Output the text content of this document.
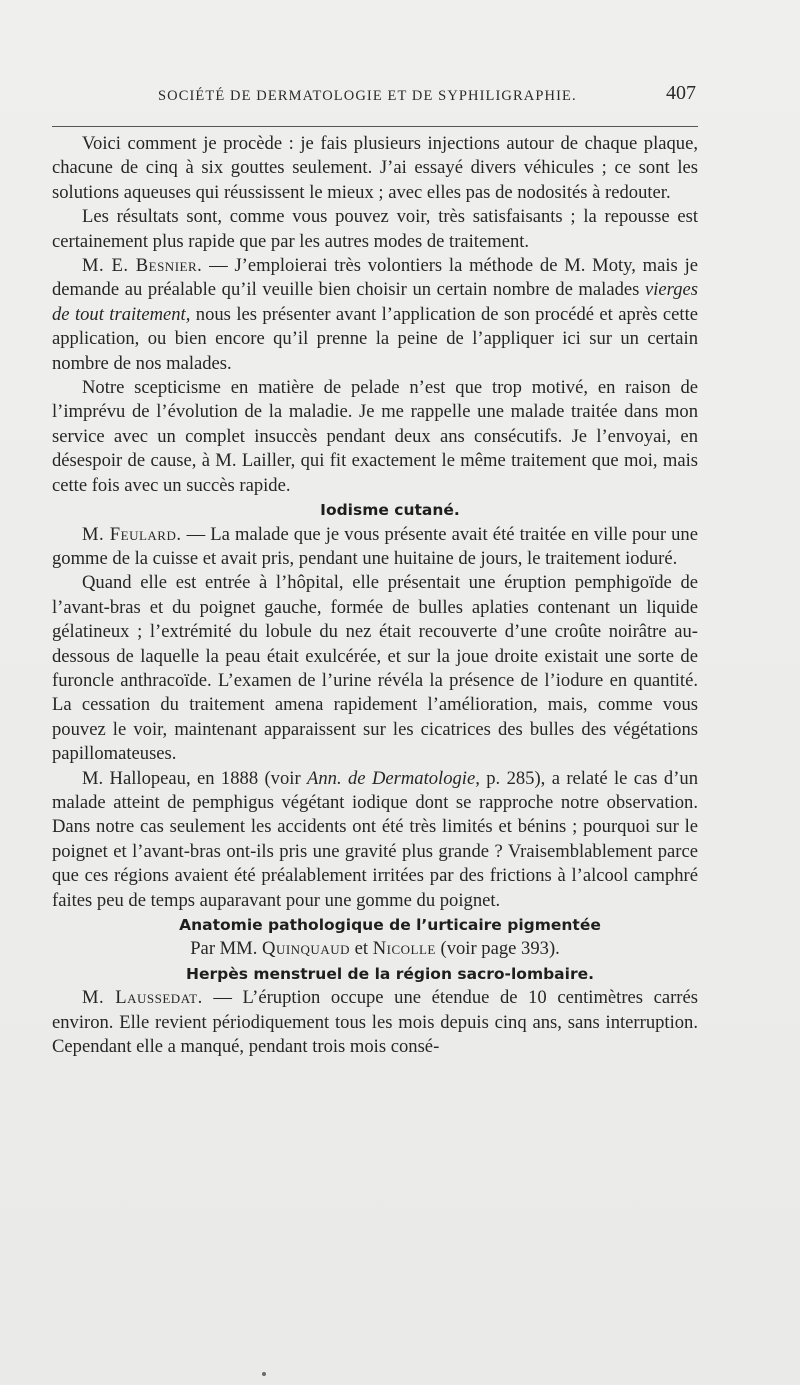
SOCIÉTÉ DE DERMATOLOGIE ET DE SYPHILIGRAPHIE.	407

Voici comment je procède : je fais plusieurs injections autour de chaque plaque, chacune de cinq à six gouttes seulement. J’ai essayé divers véhicules ; ce sont les solutions aqueuses qui réussissent le mieux ; avec elles pas de nodosités à redouter.

Les résultats sont, comme vous pouvez voir, très satisfaisants ; la repousse est certainement plus rapide que par les autres modes de traitement.

M. E. Besnier. — J’emploierai très volontiers la méthode de M. Moty, mais je demande au préalable qu’il veuille bien choisir un certain nombre de malades vierges de tout traitement, nous les présenter avant l’application de son procédé et après cette application, ou bien encore qu’il prenne la peine de l’appliquer ici sur un certain nombre de nos malades.

Notre scepticisme en matière de pelade n’est que trop motivé, en raison de l’imprévu de l’évolution de la maladie. Je me rappelle une malade traitée dans mon service avec un complet insuccès pendant deux ans consécutifs. Je l’envoyai, en désespoir de cause, à M. Lailler, qui fit exactement le même traitement que moi, mais cette fois avec un succès rapide.

Iodisme cutané.

M. Feulard. — La malade que je vous présente avait été traitée en ville pour une gomme de la cuisse et avait pris, pendant une huitaine de jours, le traitement ioduré.

Quand elle est entrée à l’hôpital, elle présentait une éruption pemphigoïde de l’avant-bras et du poignet gauche, formée de bulles aplaties contenant un liquide gélatineux ; l’extrémité du lobule du nez était recouverte d’une croûte noirâtre au-dessous de laquelle la peau était exulcérée, et sur la joue droite existait une sorte de furoncle anthracoïde. L’examen de l’urine révéla la présence de l’iodure en quantité. La cessation du traitement amena rapidement l’amélioration, mais, comme vous pouvez le voir, maintenant apparaissent sur les cicatrices des bulles des végétations papillomateuses.

M. Hallopeau, en 1888 (voir Ann. de Dermatologie, p. 285), a relaté le cas d’un malade atteint de pemphigus végétant iodique dont se rapproche notre observation. Dans notre cas seulement les accidents ont été très limités et bénins ; pourquoi sur le poignet et l’avant-bras ont-ils pris une gravité plus grande ? Vraisemblablement parce que ces régions avaient été préalablement irritées par des frictions à l’alcool camphré faites peu de temps auparavant pour une gomme du poignet.

Anatomie pathologique de l’urticaire pigmentée

Par MM. Quinquaud et Nicolle (voir page 393).

Herpès menstruel de la région sacro-lombaire.

M. Laussedat. — L’éruption occupe une étendue de 10 centimètres carrés environ. Elle revient périodiquement tous les mois depuis cinq ans, sans interruption. Cependant elle a manqué, pendant trois mois consé-
